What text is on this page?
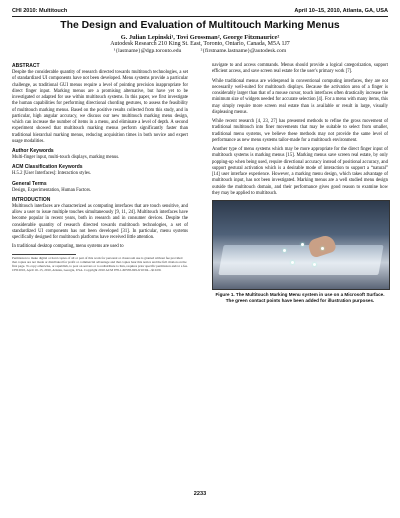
CHI 2010: Multitouch	April 10–15, 2010, Atlanta, GA, USA
The Design and Evaluation of Multitouch Marking Menus
G. Julian Lepinski¹, Tovi Grossman², George Fitzmaurice²
Autodesk Research 210 King St. East, Toronto, Ontario, Canada, M5A 1J7
¹{lastname}@dgp.toronto.edu ²{firstname.lastname}@autodesk.com

ABSTRACT

Despite the considerable quantity of research directed towards multitouch technologies, a set of standardized UI components have not been developed. Menu systems provide a particular challenge, as traditional GUI menus require a level of pointing precision inappropriate for direct finger input. Marking menus are a promising alternative, but have yet to be investigated or adapted for use within multitouch systems. In this paper, we first investigate the human capabilities for performing directional chording gestures, to assess the feasibility of multitouch marking menus. Based on the positive results collected from this study, and in particular, high angular accuracy, we discuss our new multitouch marking menu design, which can increase the number of items in a menu, and eliminate a level of depth. A second experiment showed that multitouch marking menus perform significantly faster than traditional hierarchal marking menus, reducing acquisition times in both novice and expert usage modalities.

Author Keywords

Multi-finger input, multi-touch displays, marking menus.

ACM Classification Keywords

H.5.2 [User Interfaces]: Interaction styles.

General Terms

Design, Experimentation, Human Factors.

INTRODUCTION

Multitouch interfaces are characterized as computing interfaces that are touch sensitive, and allow a user to issue multiple touches simultaneously [9, 11, 24]. Multitouch interfaces have become popular in recent years, both in research and in consumer devices. Despite the considerable quantity of research directed towards multitouch technologies, a set of standardized UI components has not been developed [31]. In particular, menu systems specifically designed for multitouch platforms have received little attention.

In traditional desktop computing, menu systems are used to

Permission to make digital or hard copies of all or part of this work for personal or classroom use is granted without fee provided that copies are not made or distributed for profit or commercial advantage and that copies bear this notice and the full citation on the first page. To copy otherwise, or republish, to post on servers or to redistribute to lists, requires prior specific permission and/or a fee. CHI 2010, April 10–15, 2010, Atlanta, Georgia, USA. Copyright 2010 ACM 978-1-60558-929-9/10/04....$10.00.

navigate to and access commands. Menus should provide a logical categorization, support efficient access, and save screen real estate for the user's primary work [7].

While traditional menus are widespread in conventional computing interfaces, they are not necessarily well-suited for multitouch displays. Because the activation area of a finger is considerably larger than that of a mouse cursor, touch interfaces often drastically increase the minimum size of widgets needed for accurate selection [4]. For a menu with many items, this may simply require more screen real estate than is available or result in large, visually displeasing menus.

While recent research [4, 23, 27] has presented methods to refine the gross movement of traditional multitouch into finer movements that may be suitable to select from smaller, traditional menu systems, we believe these methods may not provide the same level of performance as new menu systems tailor-made for a multitouch environment.

Another type of menu systems which may be more appropriate for the direct finger input of multitouch systems is marking menus [15]. Marking menus save screen real estate, by only popping-up when being used, require directional accuracy instead of positional accuracy, and support gestural activation which is a desirable mode of interaction to support a “natural” [14] user interface experience. However, a marking menu design, which takes advantage of multitouch input, has not been investigated. Marking menus are a well studied menu design outside the multitouch domain, and their performance gives good reason to examine how they may be applied to multitouch.

Figure 1. The Multitouch Marking Menu system in use on a Microsoft Surface. The green contact points have been added for illustration purposes.

2233
